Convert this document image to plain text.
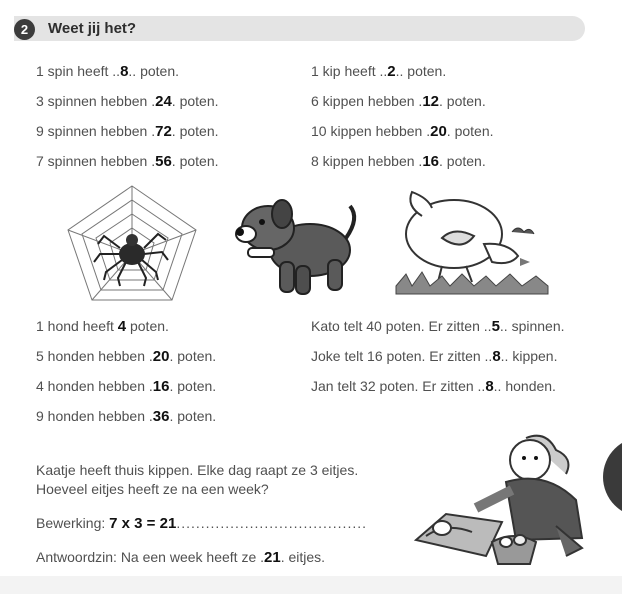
2	Weet jij het?
1 spin heeft ..8.. poten.
3 spinnen hebben .24. poten.
9 spinnen hebben .72. poten.
7 spinnen hebben .56. poten.
1 kip heeft ..2.. poten.
6 kippen hebben .12. poten.
10 kippen hebben .20. poten.
8 kippen hebben .16. poten.
1 hond heeft 4 poten.
5 honden hebben .20. poten.
4 honden hebben .16. poten.
9 honden hebben .36. poten.
Kato telt 40 poten. Er zitten ..5.. spinnen.
Joke telt 16 poten. Er zitten ..8.. kippen.
Jan telt 32 poten. Er zitten ..8.. honden.
Kaatje heeft thuis kippen. Elke dag raapt ze 3 eitjes.
Hoeveel eitjes heeft ze na een week?
Bewerking: 7 x 3 = 21.......................................
Antwoordzin: Na een week heeft ze .21. eitjes.
